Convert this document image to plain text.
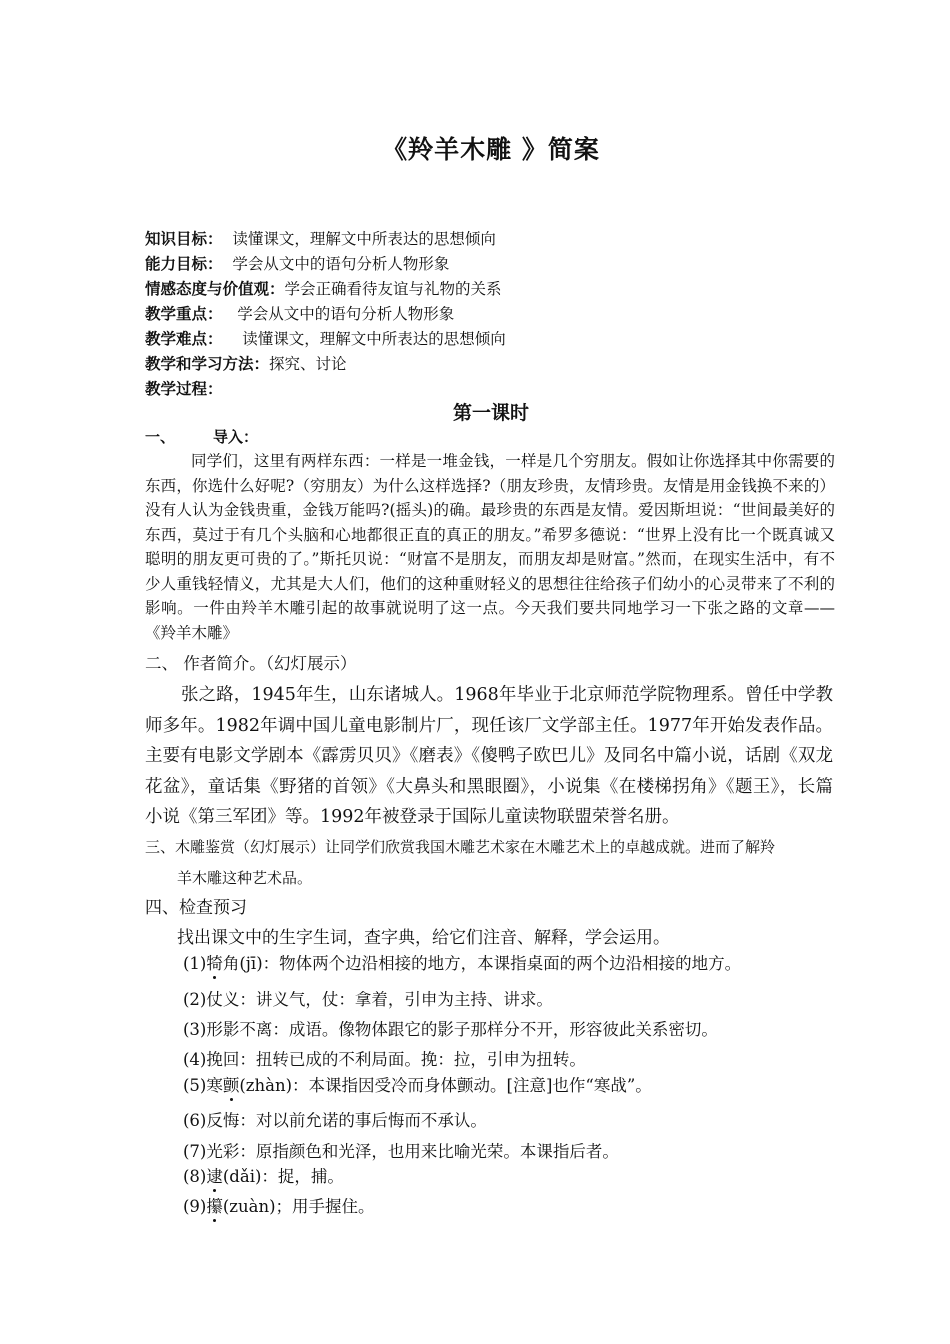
《羚羊木雕 》简案
知识目标：  读懂课文，理解文中所表达的思想倾向
能力目标：  学会从文中的语句分析人物形象
情感态度与价值观：学会正确看待友谊与礼物的关系
教学重点：   学会从文中的语句分析人物形象
教学难点：    读懂课文，理解文中所表达的思想倾向
教学和学习方法：探究、讨论
教学过程：
第一课时
一、	导入：
同学们，这里有两样东西：一样是一堆金钱，一样是几个穷朋友。假如让你选择其中你需要的东西，你选什么好呢?（穷朋友）为什么这样选择?（朋友珍贵，友情珍贵。友情是用金钱换不来的）没有人认为金钱贵重，金钱万能吗?(摇头)的确。最珍贵的东西是友情。爱因斯坦说：“世间最美好的东西，莫过于有几个头脑和心地都很正直的真正的朋友。”希罗多德说：“世界上没有比一个既真诚又聪明的朋友更可贵的了。”斯托贝说：“财富不是朋友，而朋友却是财富。”然而，在现实生活中，有不少人重钱轻情义，尤其是大人们，他们的这种重财轻义的思想往往给孩子们幼小的心灵带来了不利的影响。一件由羚羊木雕引起的故事就说明了这一点。今天我们要共同地学习一下张之路的文章——《羚羊木雕》
二、 作者简介。（幻灯展示）
张之路，1945年生，山东诸城人。1968年毕业于北京师范学院物理系。曾任中学教师多年。1982年调中国儿童电影制片厂，现任该厂文学部主任。1977年开始发表作品。主要有电影文学剧本《霹雳贝贝》《磨表》《傻鸭子欧巴儿》及同名中篇小说，话剧《双龙花盆》，童话集《野猪的首领》《大鼻头和黑眼圈》，小说集《在楼梯拐角》《题王》，长篇小说《第三军团》等。1992年被登录于国际儿童读物联盟荣誉名册。
三、木雕鉴赏（幻灯展示）让同学们欣赏我国木雕艺术家在木雕艺术上的卓越成就。进而了解羚
羊木雕这种艺术品。
四、检查预习
找出课文中的生字生词，查字典，给它们注音、解释，学会运用。
(1)犄角(jī)：物体两个边沿相接的地方，本课指桌面的两个边沿相接的地方。
(2)仗义：讲义气，仗：拿着，引申为主持、讲求。
(3)形影不离：成语。像物体跟它的影子那样分不开，形容彼此关系密切。
(4)挽回：扭转已成的不利局面。挽：拉，引申为扭转。
(5)寒颤(zhàn)：本课指因受冷而身体颤动。[注意]也作“寒战”。
(6)反悔：对以前允诺的事后悔而不承认。
(7)光彩：原指颜色和光泽，也用来比喻光荣。本课指后者。
(8)逮(dǎi)：捉，捕。
(9)攥(zuàn)；用手握住。
